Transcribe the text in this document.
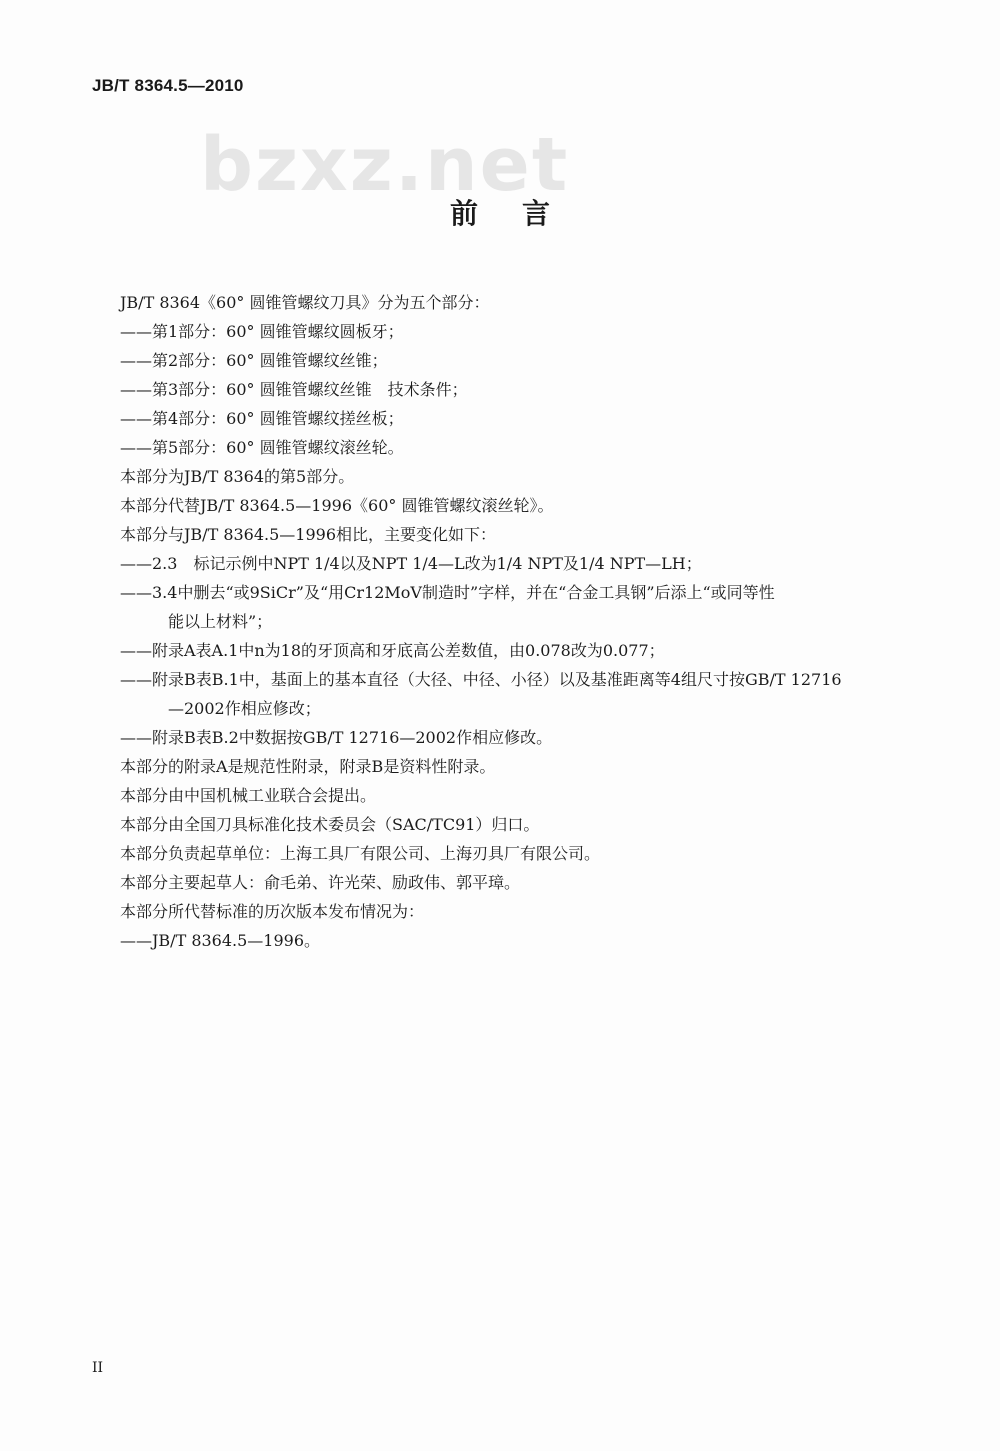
JB/T 8364.5—2010
bzxz.net
前言

JB/T 8364《60° 圆锥管螺纹刀具》分为五个部分：

——第1部分：60° 圆锥管螺纹圆板牙；

——第2部分：60° 圆锥管螺纹丝锥；

——第3部分：60° 圆锥管螺纹丝锥　技术条件；

——第4部分：60° 圆锥管螺纹搓丝板；

——第5部分：60° 圆锥管螺纹滚丝轮。

本部分为JB/T 8364的第5部分。

本部分代替JB/T 8364.5—1996《60° 圆锥管螺纹滚丝轮》。

本部分与JB/T 8364.5—1996相比，主要变化如下：

——2.3　标记示例中NPT 1/4以及NPT 1/4—L改为1/4 NPT及1/4 NPT—LH；

——3.4中删去“或9SiCr”及“用Cr12MoV制造时”字样，并在“合金工具钢”后添上“或同等性

能以上材料”；

——附录A表A.1中n为18的牙顶高和牙底高公差数值，由0.078改为0.077；

——附录B表B.1中，基面上的基本直径（大径、中径、小径）以及基准距离等4组尺寸按GB/T 12716

—2002作相应修改；

——附录B表B.2中数据按GB/T 12716—2002作相应修改。

本部分的附录A是规范性附录，附录B是资料性附录。

本部分由中国机械工业联合会提出。

本部分由全国刀具标准化技术委员会（SAC/TC91）归口。

本部分负责起草单位：上海工具厂有限公司、上海刃具厂有限公司。

本部分主要起草人：俞毛弟、许光荣、励政伟、郭平璋。

本部分所代替标准的历次版本发布情况为：

——JB/T 8364.5—1996。

II
